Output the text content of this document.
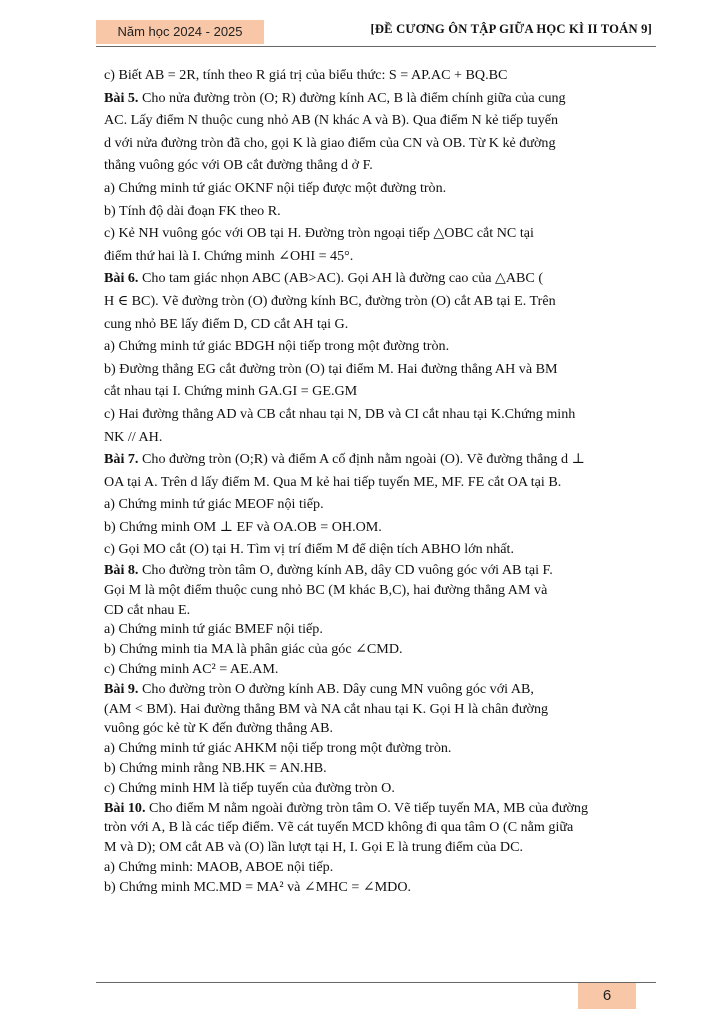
Năm học 2024 - 2025	[ĐỀ CƯƠNG ÔN TẬP GIỮA HỌC KÌ II TOÁN 9]

c) Biết AB = 2R, tính theo R giá trị của biểu thức: S = AP.AC + BQ.BC

Bài 5. Cho nửa đường tròn (O; R) đường kính AC, B là điểm chính giữa của cung

AC. Lấy điểm N thuộc cung nhỏ AB (N khác A và B). Qua điểm N kẻ tiếp tuyến

d với nửa đường tròn đã cho, gọi K là giao điểm của CN và OB. Từ K kẻ đường

thẳng vuông góc với OB cắt đường thẳng d ở F.

a) Chứng minh tứ giác OKNF nội tiếp được một đường tròn.

b) Tính độ dài đoạn FK theo R.

c) Kẻ NH vuông góc với OB tại H. Đường tròn ngoại tiếp △OBC cắt NC tại

điểm thứ hai là I. Chứng minh ∠OHI = 45°.

Bài 6. Cho tam giác nhọn ABC (AB>AC). Gọi AH là đường cao của △ABC (

H ∈ BC). Vẽ đường tròn (O) đường kính BC, đường tròn (O) cắt AB tại E. Trên

cung nhỏ BE lấy điểm D, CD cắt AH tại G.

a) Chứng minh tứ giác BDGH nội tiếp trong một đường tròn.

b) Đường thẳng EG cắt đường tròn (O) tại điểm M. Hai đường thẳng AH và BM

cắt nhau tại I. Chứng minh GA.GI = GE.GM

c) Hai đường thẳng AD và CB cắt nhau tại N, DB và CI cắt nhau tại K.Chứng minh

NK // AH.

Bài 7. Cho đường tròn (O;R) và điểm A cố định nằm ngoài (O). Vẽ đường thẳng d ⊥

OA tại A. Trên d lấy điểm M. Qua M kẻ hai tiếp tuyến ME, MF. FE cắt OA tại B.

a) Chứng minh tứ giác MEOF nội tiếp.

b) Chứng minh OM ⊥ EF và OA.OB = OH.OM.

c) Gọi MO cắt (O) tại H. Tìm vị trí điểm M để diện tích ABHO lớn nhất.

Bài 8. Cho đường tròn tâm O, đường kính AB, dây CD vuông góc với AB tại F.

Gọi M là một điểm thuộc cung nhỏ BC (M khác B,C), hai đường thẳng AM và

CD cắt nhau E.

a) Chứng minh tứ giác BMEF nội tiếp.

b) Chứng minh tia MA là phân giác của góc ∠CMD.

c) Chứng minh AC² = AE.AM.

Bài 9. Cho đường tròn O đường kính AB. Dây cung MN vuông góc với AB,

(AM < BM). Hai đường thẳng BM và NA cắt nhau tại K. Gọi H là chân đường

vuông góc kẻ từ K đến đường thẳng AB.

a) Chứng minh tứ giác AHKM nội tiếp trong một đường tròn.

b) Chứng minh rằng NB.HK = AN.HB.

c) Chứng minh HM là tiếp tuyến của đường tròn O.

Bài 10. Cho điểm M nằm ngoài đường tròn tâm O. Vẽ tiếp tuyến MA, MB của đường

tròn với A, B là các tiếp điểm. Vẽ cát tuyến MCD không đi qua tâm O (C nằm giữa

M và D); OM cắt AB và (O) lần lượt tại H, I. Gọi E là trung điểm của DC.

a) Chứng minh: MAOB, ABOE nội tiếp.

b) Chứng minh MC.MD = MA² và ∠MHC = ∠MDO.

6
